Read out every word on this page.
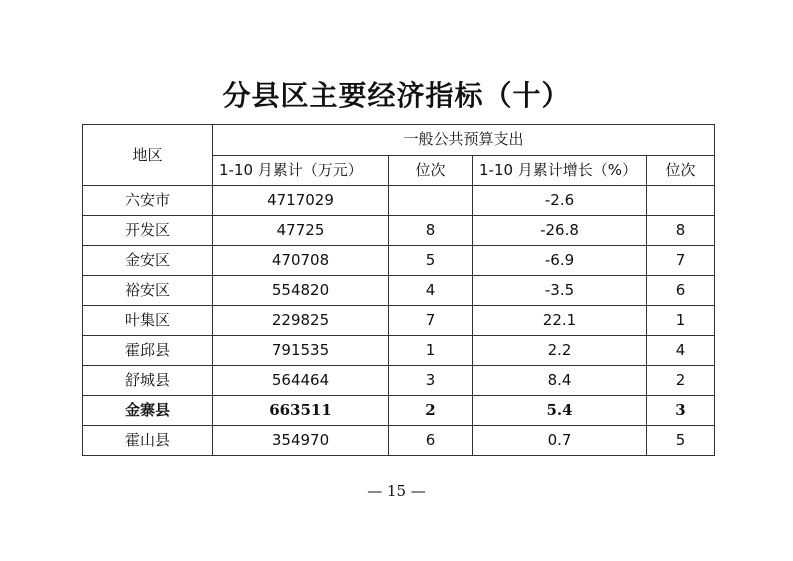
分县区主要经济指标（十）
地区	一般公共预算支出			
	1-10 月累计（万元）	位次	1-10 月累计增长（%）	位次
六安市	4717029		-2.6	
开发区	47725	8	-26.8	8
金安区	470708	5	-6.9	7
裕安区	554820	4	-3.5	6
叶集区	229825	7	22.1	1
霍邱县	791535	1	2.2	4
舒城县	564464	3	8.4	2
金寨县	663511	2	5.4	3
霍山县	354970	6	0.7	5
— 15 —
